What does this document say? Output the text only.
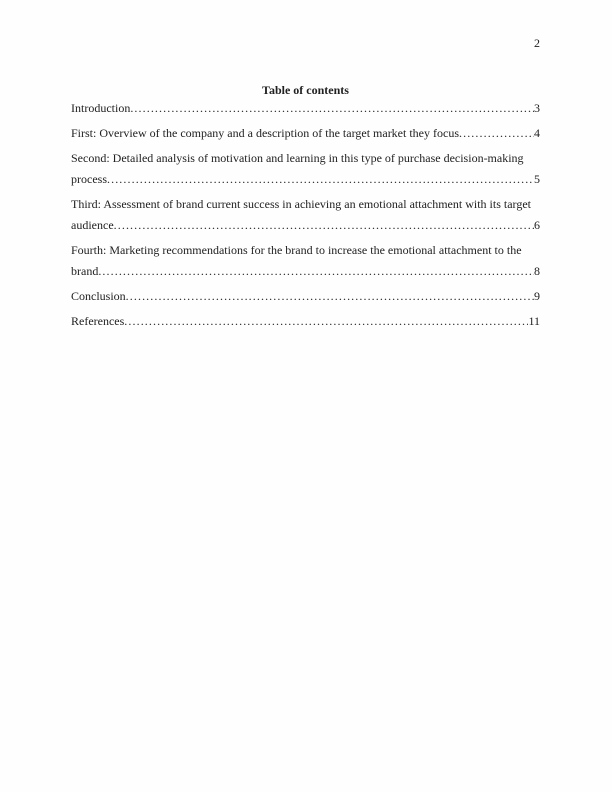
2
Table of contents
Introduction .....	3
First: Overview of the company and a description of the target market they focus .....	4
Second: Detailed analysis of motivation and learning in this type of purchase decision-making
process .....	5
Third: Assessment of brand current success in achieving an emotional attachment with its target
audience .....	6
Fourth: Marketing recommendations for the brand to increase the emotional attachment to the
brand .....	8
Conclusion .....	9
References .....	11
